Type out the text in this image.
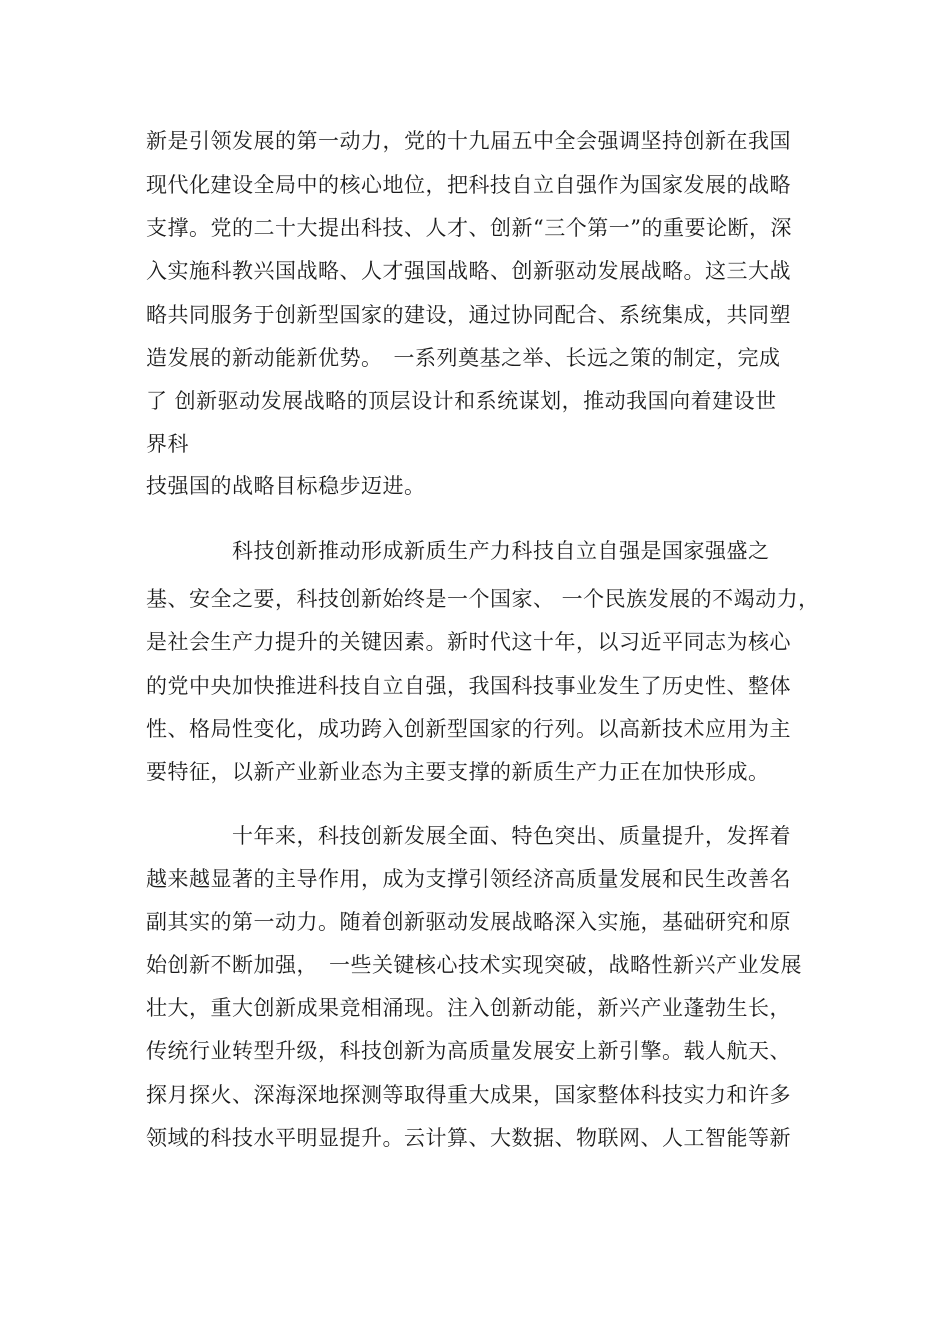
新是引领发展的第一动力，党的十九届五中全会强调坚持创新在我国
现代化建设全局中的核心地位，把科技自立自强作为国家发展的战略
支撑。党的二十大提出科技、人才、创新“三个第一”的重要论断，深
入实施科教兴国战略、人才强国战略、创新驱动发展战略。这三大战
略共同服务于创新型国家的建设，通过协同配合、系统集成，共同塑
造发展的新动能新优势。　一系列奠基之举、长远之策的制定，完成
了 创新驱动发展战略的顶层设计和系统谋划，推动我国向着建设世
界科
技强国的战略目标稳步迈进。
科技创新推动形成新质生产力科技自立自强是国家强盛之
基、安全之要，科技创新始终是一个国家、 一个民族发展的不竭动力，
是社会生产力提升的关键因素。新时代这十年，以习近平同志为核心
的党中央加快推进科技自立自强，我国科技事业发生了历史性、整体
性、格局性变化，成功跨入创新型国家的行列。以高新技术应用为主
要特征，以新产业新业态为主要支撑的新质生产力正在加快形成。
十年来，科技创新发展全面、特色突出、质量提升，发挥着
越来越显著的主导作用，成为支撑引领经济高质量发展和民生改善名
副其实的第一动力。随着创新驱动发展战略深入实施，基础研究和原
始创新不断加强，　一些关键核心技术实现突破，战略性新兴产业发展
壮大，重大创新成果竞相涌现。注入创新动能，新兴产业蓬勃生长，
传统行业转型升级，科技创新为高质量发展安上新引擎。载人航天、
探月探火、深海深地探测等取得重大成果，国家整体科技实力和许多
领域的科技水平明显提升。云计算、大数据、物联网、人工智能等新
